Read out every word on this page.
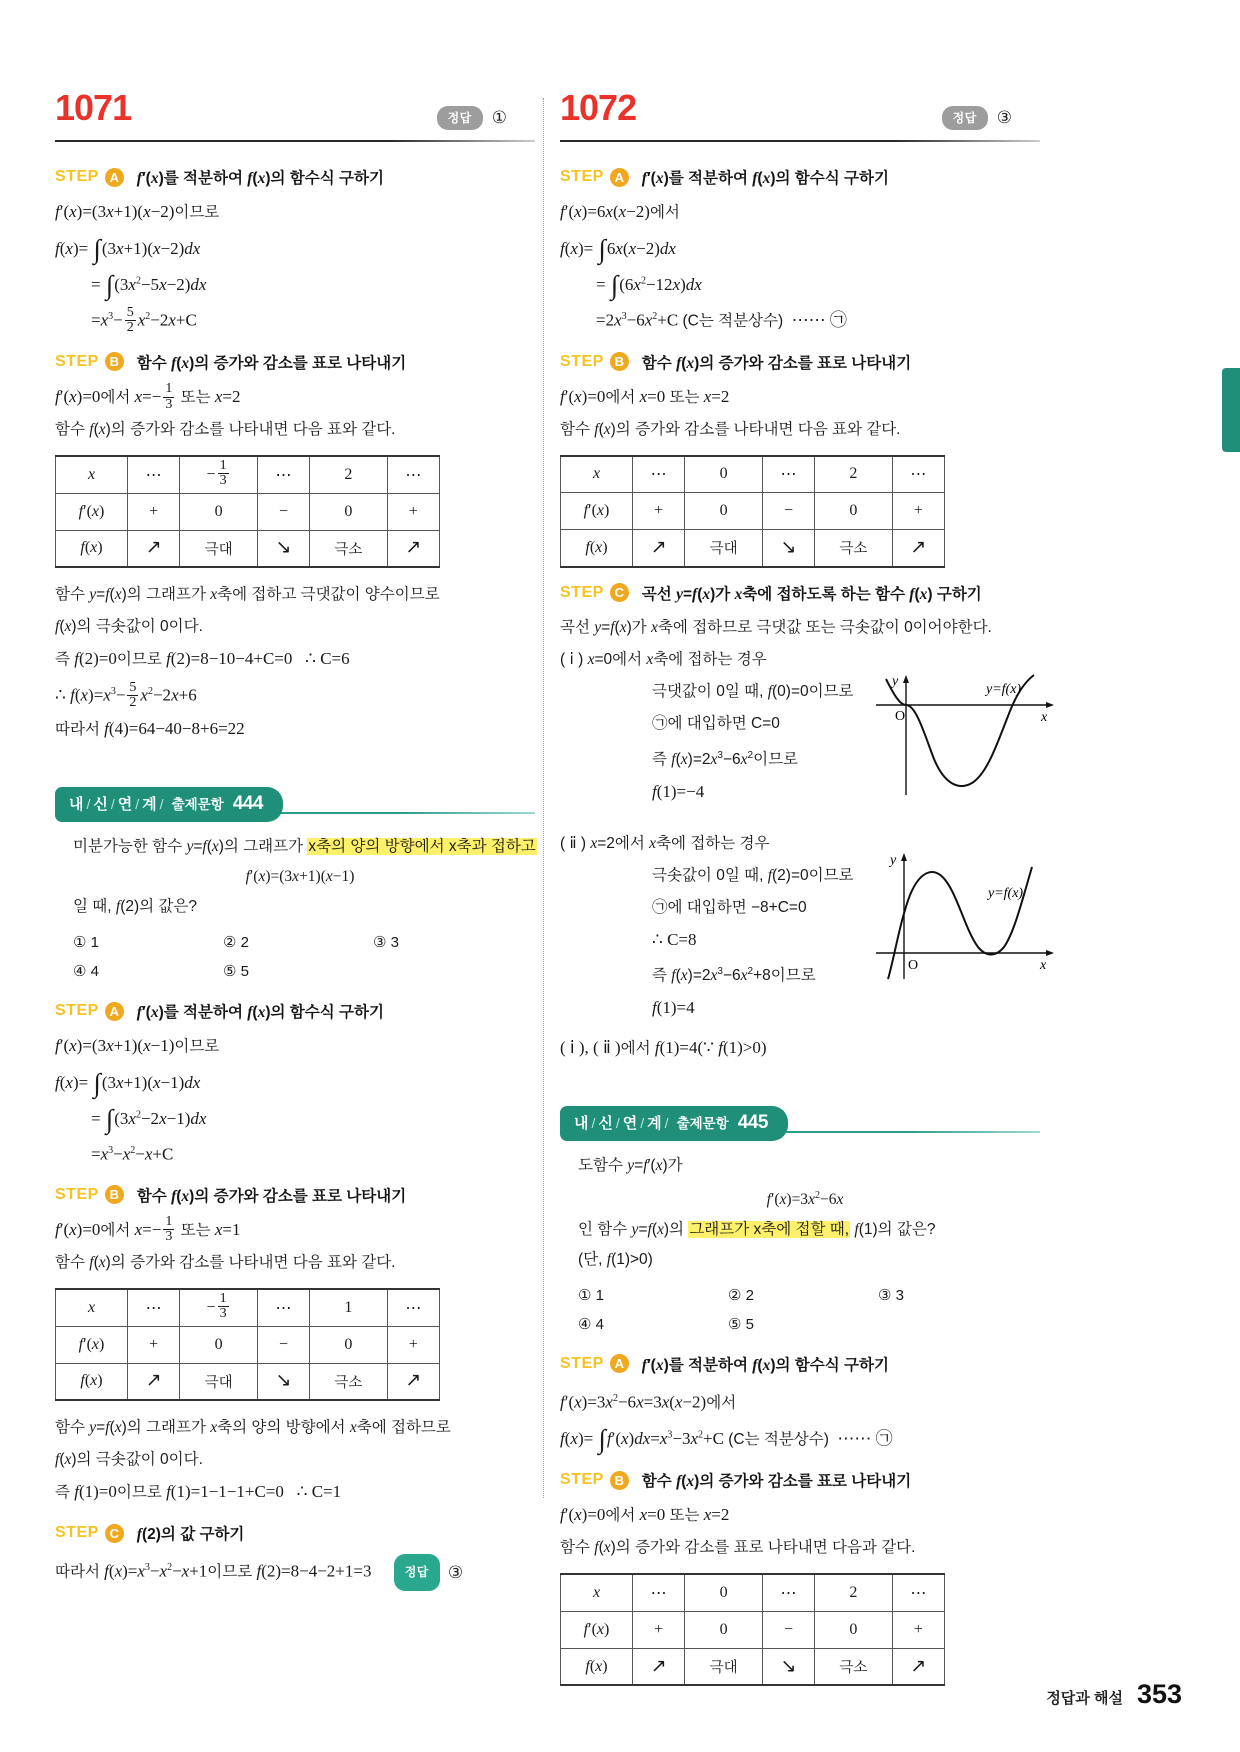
1071	정답	①
STEP A	f′(x)를 적분하여 f(x)의 함수식 구하기
f′(x)=(3x+1)(x−2)이므로
f(x)= ∫(3x+1)(x−2)dx
= $\int(3x^2-5x-2)dx$
$=x^3- \frac{5}{2} x^2-2x+C$
STEP B	함수 f(x)의 증가와 감소를 표로 나타내기
f′(x)=0에서 $x=- \frac{1}{3}$ 또는 x=2
함수 f(x)의 증가와 감소를 나타내면 다음 표와 같다.
x	⋯	− $\frac{1}{3}$	⋯	2	⋯
f′(x)	+	0	−	0	+
f(x)	↗	극대	↘	극소	↗
함수 y=f(x)의 그래프가 x축에 접하고 극댓값이 양수이므로
f(x)의 극솟값이 0이다.
즉 f(2)=0이므로 f(2)=8−10−4+C=0   ∴ C=6
∴ $f(x)=x^3- \frac{5}{2} x^2-2x+6$
따라서 f(4)=64−40−8+6=22
내 / 신 / 연 / 계 / 출제문항 444
미분가능한 함수 y=f(x)의 그래프가 x축의 양의 방향에서 x축과 접하고
f′(x)=(3x+1)(x−1)
일 때, f(2)의 값은?
① 1	② 2	③ 3
④ 4	⑤ 5
STEP A	f′(x)를 적분하여 f(x)의 함수식 구하기
f′(x)=(3x+1)(x−1)이므로
f(x)= ∫(3x+1)(x−1)dx
= $\int(3x^2-2x-1)dx$
$=x^3-x^2-x+C$
STEP B	함수 f(x)의 증가와 감소를 표로 나타내기
f′(x)=0에서 $x=- \frac{1}{3}$ 또는 x=1
함수 f(x)의 증가와 감소를 나타내면 다음 표와 같다.
x	⋯	− $\frac{1}{3}$	⋯	1	⋯
f′(x)	+	0	−	0	+
f(x)	↗	극대	↘	극소	↗
함수 y=f(x)의 그래프가 x축의 양의 방향에서 x축에 접하므로
f(x)의 극솟값이 0이다.
즉 f(1)=0이므로 f(1)=1−1−1+C=0   ∴ C=1
STEP C	f(2)의 값 구하기
따라서 $f(x)=x^3-x^2-x+1$이므로 f(2)=8−4−2+1=3	정답	③
1072	정답	③
STEP A	f′(x)를 적분하여 f(x)의 함수식 구하기
f′(x)=6x(x−2)에서
f(x)= ∫6x(x−2)dx
= $\int(6x^2-12x)dx$
$=2x^3-6x^2+C$ (C는 적분상수)  ⋯⋯ ㉠
STEP B	함수 f(x)의 증가와 감소를 표로 나타내기
f′(x)=0에서 x=0 또는 x=2
함수 f(x)의 증가와 감소를 나타내면 다음 표와 같다.
x	⋯	0	⋯	2	⋯
f′(x)	+	0	−	0	+
f(x)	↗	극대	↘	극소	↗
STEP C	곡선 y=f(x)가 x축에 접하도록 하는 함수 f(x) 구하기
곡선 y=f(x)가 x축에 접하므로 극댓값 또는 극솟값이 0이어야한다.
( ⅰ ) x=0에서 x축에 접하는 경우
극댓값이 0일 때, f(0)=0이므로
㉠에 대입하면 C=0
즉 $f(x)=2x^3-6x^2$이므로
f(1)=−4
O
y
x
y=f(x)
( ⅱ ) x=2에서 x축에 접하는 경우
극솟값이 0일 때, f(2)=0이므로
㉠에 대입하면 −8+C=0
∴ C=8
즉 $f(x)=2x^3-6x^2+8$이므로
f(1)=4
O
y
x
y=f(x)
( ⅰ ), ( ⅱ )에서 f(1)=4(∵ f(1)>0)
내 / 신 / 연 / 계 / 출제문항 445
도함수 y=f′(x)가
$f'(x)=3x^2-6x$
인 함수 y=f(x)의 그래프가 x축에 접할 때, f(1)의 값은?
(단, f(1)>0)
① 1	② 2	③ 3
④ 4	⑤ 5
STEP A	f′(x)를 적분하여 f(x)의 함수식 구하기
$f'(x)=3x^2-6x=3x(x-2)$에서
$f(x)= \int f'(x)dx=x^3-3x^2+C$ (C는 적분상수)  ⋯⋯ ㉠
STEP B	함수 f(x)의 증가와 감소를 표로 나타내기
f′(x)=0에서 x=0 또는 x=2
함수 f(x)의 증가와 감소를 표로 나타내면 다음과 같다.
x	⋯	0	⋯	2	⋯
f′(x)	+	0	−	0	+
f(x)	↗	극대	↘	극소	↗
정답과 해설 353
